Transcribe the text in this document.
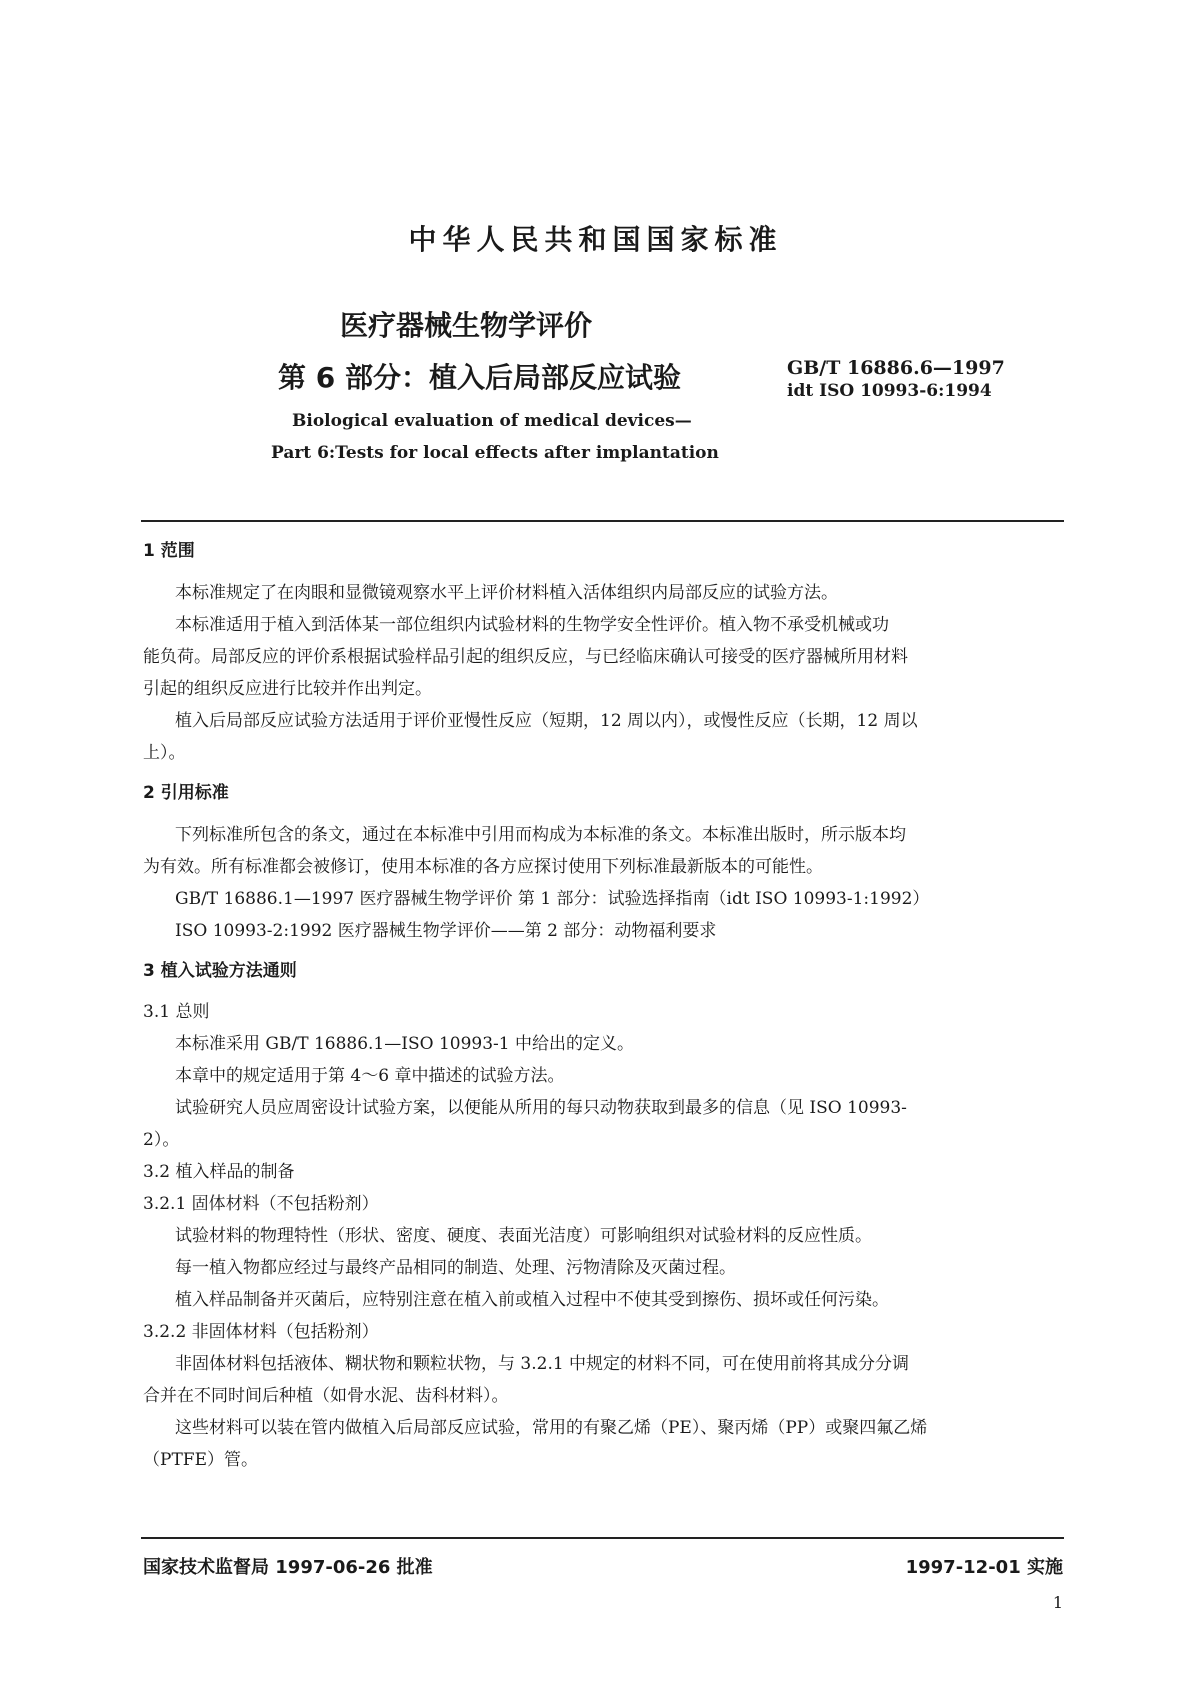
中华人民共和国国家标准
医疗器械生物学评价
第 6 部分：植入后局部反应试验	GB/T 16886.6—1997
idt ISO 10993-6:1994
Biological evaluation of medical devices—
Part 6:Tests for local effects after implantation
1 范围
本标准规定了在肉眼和显微镜观察水平上评价材料植入活体组织内局部反应的试验方法。
本标准适用于植入到活体某一部位组织内试验材料的生物学安全性评价。植入物不承受机械或功
能负荷。局部反应的评价系根据试验样品引起的组织反应，与已经临床确认可接受的医疗器械所用材料
引起的组织反应进行比较并作出判定。
植入后局部反应试验方法适用于评价亚慢性反应（短期，12 周以内），或慢性反应（长期，12 周以
上）。
2 引用标准
下列标准所包含的条文，通过在本标准中引用而构成为本标准的条文。本标准出版时，所示版本均
为有效。所有标准都会被修订，使用本标准的各方应探讨使用下列标准最新版本的可能性。
GB/T 16886.1—1997 医疗器械生物学评价 第 1 部分：试验选择指南（idt ISO 10993-1:1992）
ISO 10993-2:1992 医疗器械生物学评价——第 2 部分：动物福利要求
3 植入试验方法通则
3.1 总则
本标准采用 GB/T 16886.1—ISO 10993-1 中给出的定义。
本章中的规定适用于第 4～6 章中描述的试验方法。
试验研究人员应周密设计试验方案，以便能从所用的每只动物获取到最多的信息（见 ISO 10993-
2）。
3.2 植入样品的制备
3.2.1 固体材料（不包括粉剂）
试验材料的物理特性（形状、密度、硬度、表面光洁度）可影响组织对试验材料的反应性质。
每一植入物都应经过与最终产品相同的制造、处理、污物清除及灭菌过程。
植入样品制备并灭菌后，应特别注意在植入前或植入过程中不使其受到擦伤、损坏或任何污染。
3.2.2 非固体材料（包括粉剂）
非固体材料包括液体、糊状物和颗粒状物，与 3.2.1 中规定的材料不同，可在使用前将其成分分调
合并在不同时间后种植（如骨水泥、齿科材料）。
这些材料可以装在管内做植入后局部反应试验，常用的有聚乙烯（PE）、聚丙烯（PP）或聚四氟乙烯
（PTFE）管。
国家技术监督局 1997-06-26 批准	1997-12-01 实施
1
